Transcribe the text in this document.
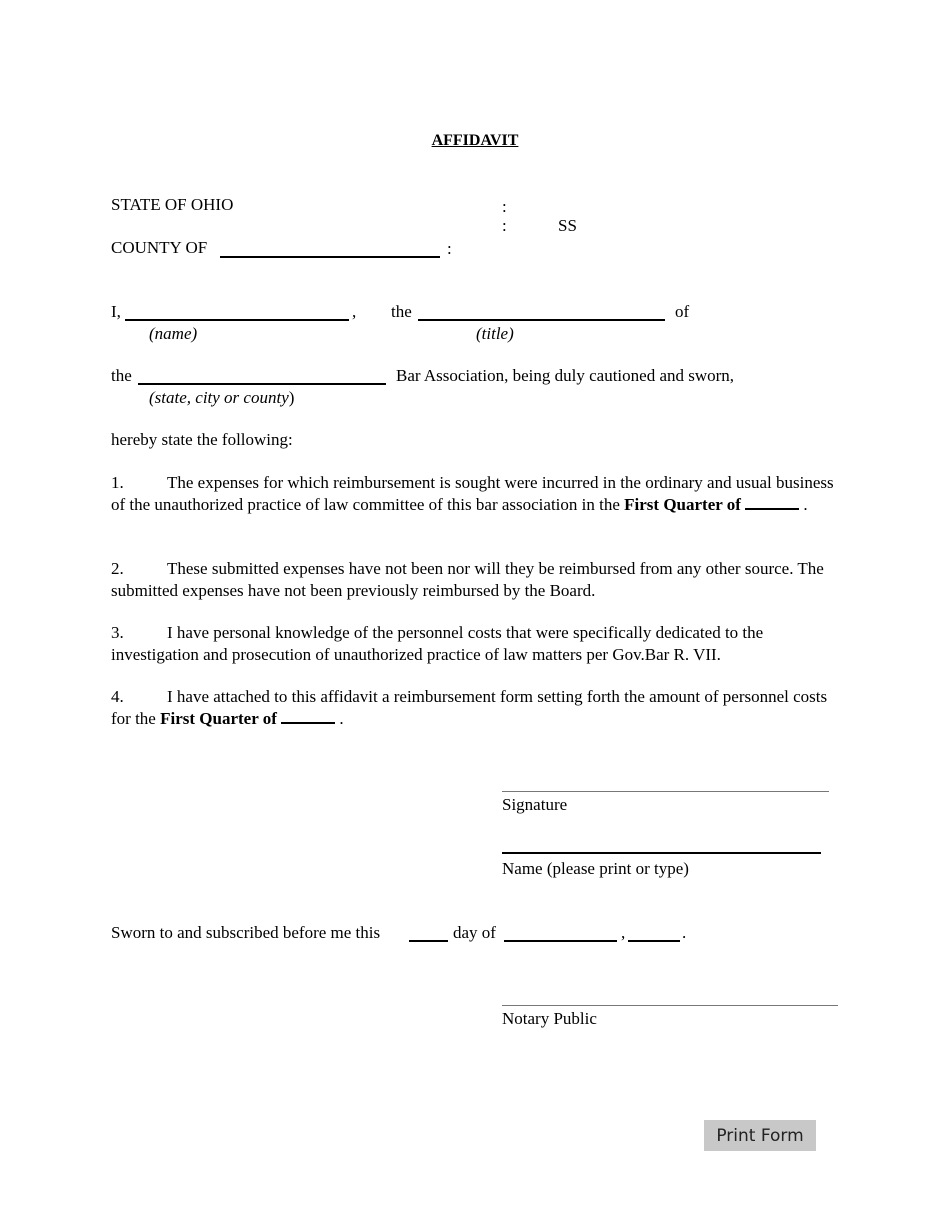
AFFIDAVIT
STATE OF OHIO	:
:	SS
COUNTY OF	:
I,	, the	of
(name)	(title)
the	Bar Association, being duly cautioned and sworn,
(state, city or county)
hereby state the following:
1.	The expenses for which reimbursement is sought were incurred in the ordinary and usual business of the unauthorized practice of law committee of this bar association in the First Quarter of	.
2.	These submitted expenses have not been nor will they be reimbursed from any other source. The submitted expenses have not been previously reimbursed by the Board.
3.	I have personal knowledge of the personnel costs that were specifically dedicated to the investigation and prosecution of unauthorized practice of law matters per Gov.Bar R. VII.
4.	I have attached to this affidavit a reimbursement form setting forth the amount of personnel costs for the First Quarter of	.
Signature
Name (please print or type)
Sworn to and subscribed before me this	day of	,	.
Notary Public
Print Form
